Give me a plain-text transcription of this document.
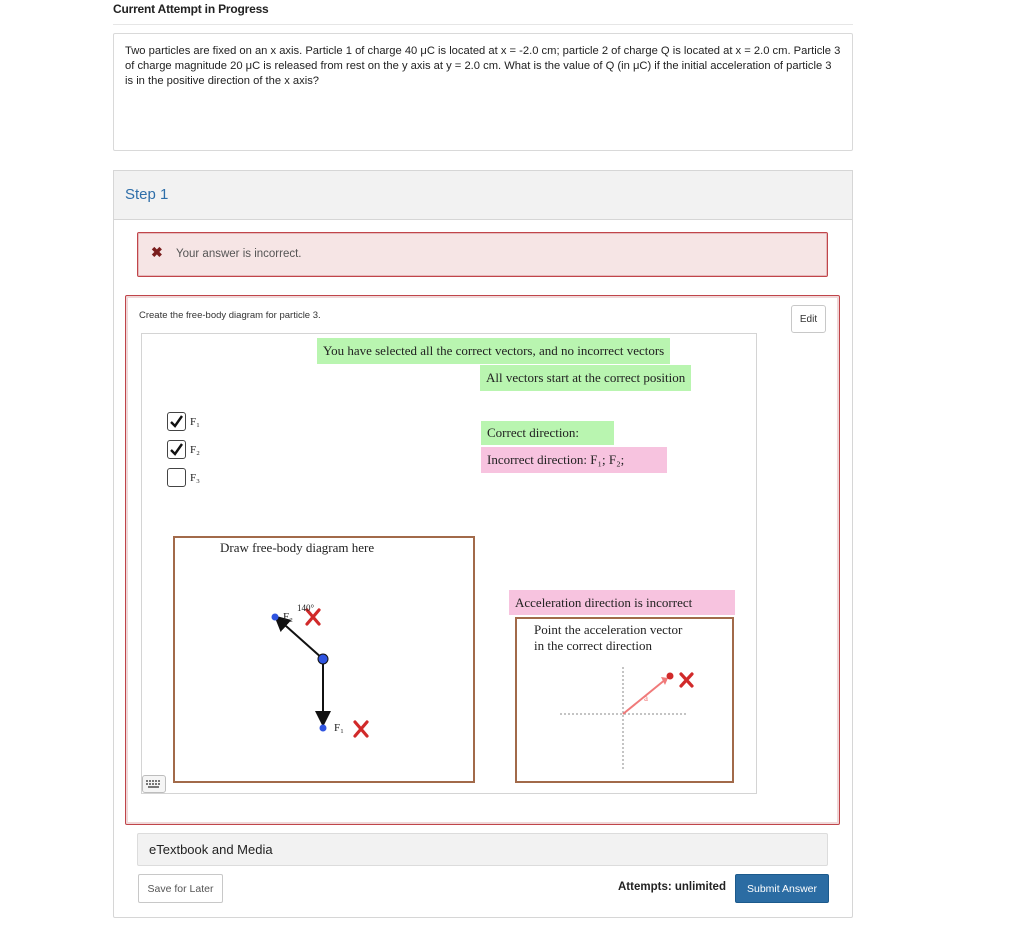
Current Attempt in Progress
Two particles are fixed on an x axis. Particle 1 of charge 40 μC is located at x = -2.0 cm; particle 2 of charge Q is located at x = 2.0 cm. Particle 3 of charge magnitude 20 μC is released from rest on the y axis at y = 2.0 cm. What is the value of Q (in μC) if the initial acceleration of particle 3 is in the positive direction of the x axis?
Step 1
✖ Your answer is incorrect.
Create the free-body diagram for particle 3.	Edit
You have selected all the correct vectors, and no incorrect vectors
All vectors start at the correct position
Correct direction:
Incorrect direction: F₁; F₂;
F₁
F₂
F₃
Draw free-body diagram here
F₂
140°
F₁
Acceleration direction is incorrect
Point the acceleration vector
in the correct direction
a
eTextbook and Media
Save for Later	Attempts: unlimited	Submit Answer
